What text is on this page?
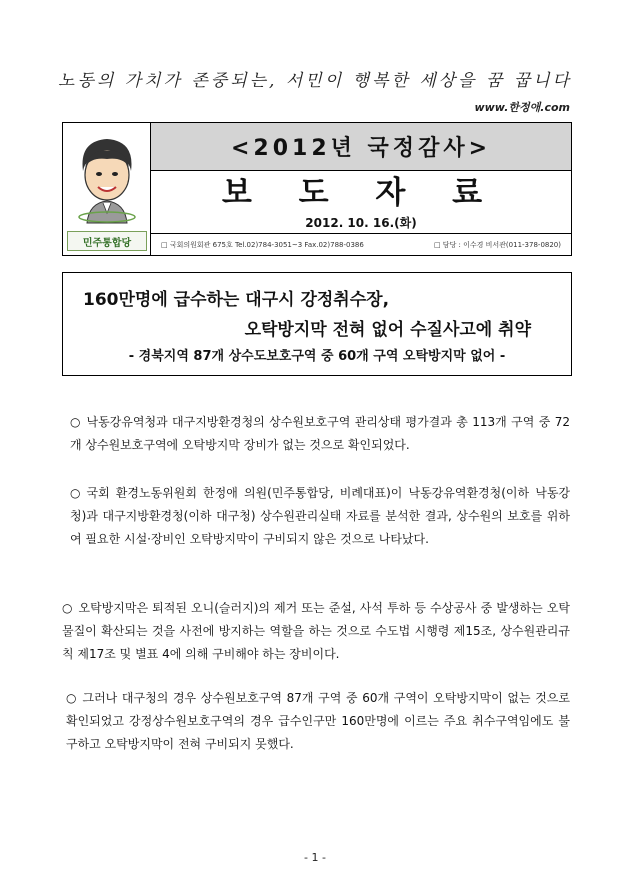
노동의 가치가 존중되는, 서민이 행복한 세상을 꿈 꿉니다
www.한정애.com
민주통합당
<2012년 국정감사>
보 도 자 료
2012. 10. 16.(화)
□ 국회의원회관 675호 Tel.02)784-3051~3 Fax.02)788-0386	□ 담당 : 이수경 비서관(011-378-0820)
160만명에 급수하는 대구시 강정취수장,
오탁방지막 전혀 없어 수질사고에 취약
- 경북지역 87개 상수도보호구역 중 60개 구역 오탁방지막 없어 -
○ 낙동강유역청과 대구지방환경청의 상수원보호구역 관리상태 평가결과 총 113개 구역 중 72개 상수원보호구역에 오탁방지막 장비가 없는 것으로 확인되었다.
○ 국회 환경노동위원회 한정애 의원(민주통합당, 비례대표)이 낙동강유역환경청(이하 낙동강청)과 대구지방환경청(이하 대구청) 상수원관리실태 자료를 분석한 결과, 상수원의 보호를 위하여 필요한 시설·장비인 오탁방지막이 구비되지 않은 것으로 나타났다.
○ 오탁방지막은 퇴적된 오니(슬러지)의 제거 또는 준설, 사석 투하 등 수상공사 중 발생하는 오탁물질이 확산되는 것을 사전에 방지하는 역할을 하는 것으로 수도법 시행령 제15조, 상수원관리규칙 제17조 및 별표 4에 의해 구비해야 하는 장비이다.
○ 그러나 대구청의 경우 상수원보호구역 87개 구역 중 60개 구역이 오탁방지막이 없는 것으로 확인되었고 강정상수원보호구역의 경우 급수인구만 160만명에 이르는 주요 취수구역임에도 불구하고 오탁방지막이 전혀 구비되지 못했다.
- 1 -
